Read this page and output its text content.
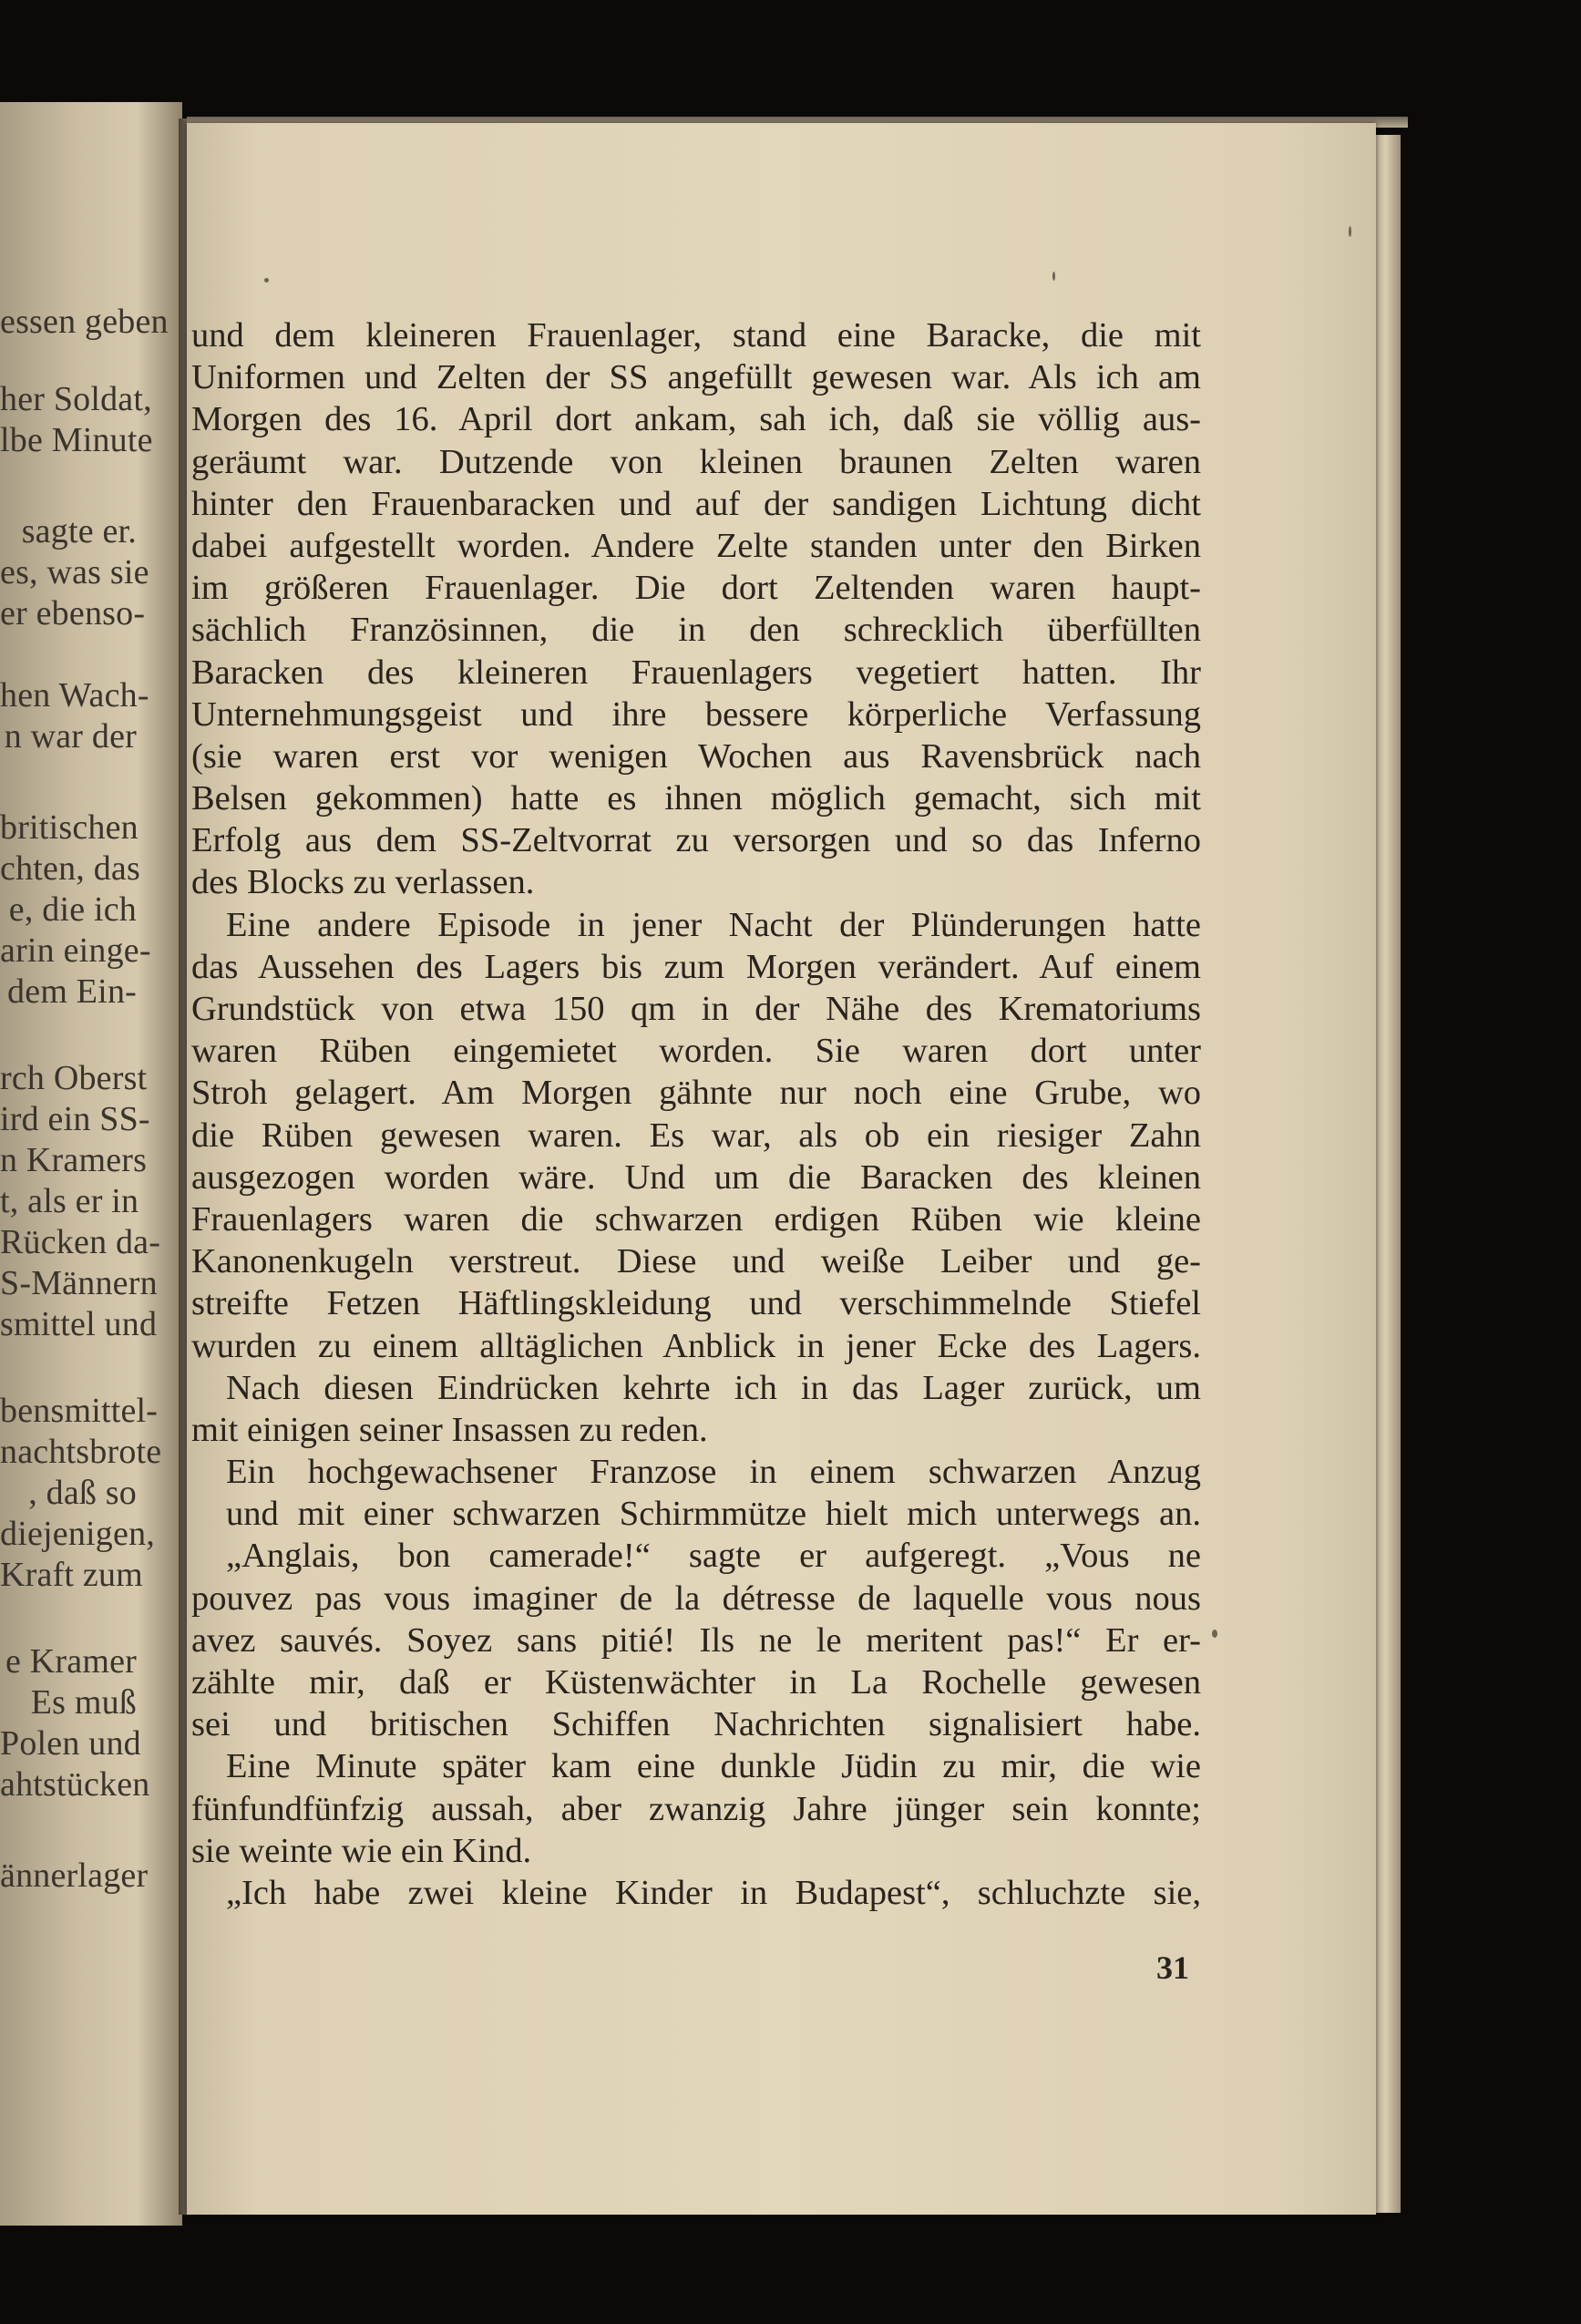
essen geben
her Soldat,
lbe Minute
sagte er.
es, was sie
er ebenso-
hen Wach-
n war der
britischen
chten, das
e, die ich
arin einge-
dem Ein-
rch Oberst
ird ein SS-
n Kramers
t, als er in
Rücken da-
S-Männern
smittel und
bensmittel-
nachtsbrote
, daß so
diejenigen,
Kraft zum
e Kramer
Es muß
Polen und
ahtstücken
ännerlager
und dem kleineren Frauenlager, stand eine Baracke, die mit
Uniformen und Zelten der SS angefüllt gewesen war. Als ich am
Morgen des 16. April dort ankam, sah ich, daß sie völlig aus-
geräumt war. Dutzende von kleinen braunen Zelten waren
hinter den Frauenbaracken und auf der sandigen Lichtung dicht
dabei aufgestellt worden. Andere Zelte standen unter den Birken
im größeren Frauenlager. Die dort Zeltenden waren haupt-
sächlich Französinnen, die in den schrecklich überfüllten
Baracken des kleineren Frauenlagers vegetiert hatten. Ihr
Unternehmungsgeist und ihre bessere körperliche Verfassung
(sie waren erst vor wenigen Wochen aus Ravensbrück nach
Belsen gekommen) hatte es ihnen möglich gemacht, sich mit
Erfolg aus dem SS-Zeltvorrat zu versorgen und so das Inferno
des Blocks zu verlassen.
Eine andere Episode in jener Nacht der Plünderungen hatte
das Aussehen des Lagers bis zum Morgen verändert. Auf einem
Grundstück von etwa 150 qm in der Nähe des Krematoriums
waren Rüben eingemietet worden. Sie waren dort unter
Stroh gelagert. Am Morgen gähnte nur noch eine Grube, wo
die Rüben gewesen waren. Es war, als ob ein riesiger Zahn
ausgezogen worden wäre. Und um die Baracken des kleinen
Frauenlagers waren die schwarzen erdigen Rüben wie kleine
Kanonenkugeln verstreut. Diese und weiße Leiber und ge-
streifte Fetzen Häftlingskleidung und verschimmelnde Stiefel
wurden zu einem alltäglichen Anblick in jener Ecke des Lagers.
Nach diesen Eindrücken kehrte ich in das Lager zurück, um
mit einigen seiner Insassen zu reden.
Ein hochgewachsener Franzose in einem schwarzen Anzug
und mit einer schwarzen Schirmmütze hielt mich unterwegs an.
„Anglais, bon camerade!“ sagte er aufgeregt. „Vous ne
pouvez pas vous imaginer de la détresse de laquelle vous nous
avez sauvés. Soyez sans pitié! Ils ne le meritent pas!“ Er er-
zählte mir, daß er Küstenwächter in La Rochelle gewesen
sei und britischen Schiffen Nachrichten signalisiert habe.
Eine Minute später kam eine dunkle Jüdin zu mir, die wie
fünfundfünfzig aussah, aber zwanzig Jahre jünger sein konnte;
sie weinte wie ein Kind.
„Ich habe zwei kleine Kinder in Budapest“, schluchzte sie,
31
